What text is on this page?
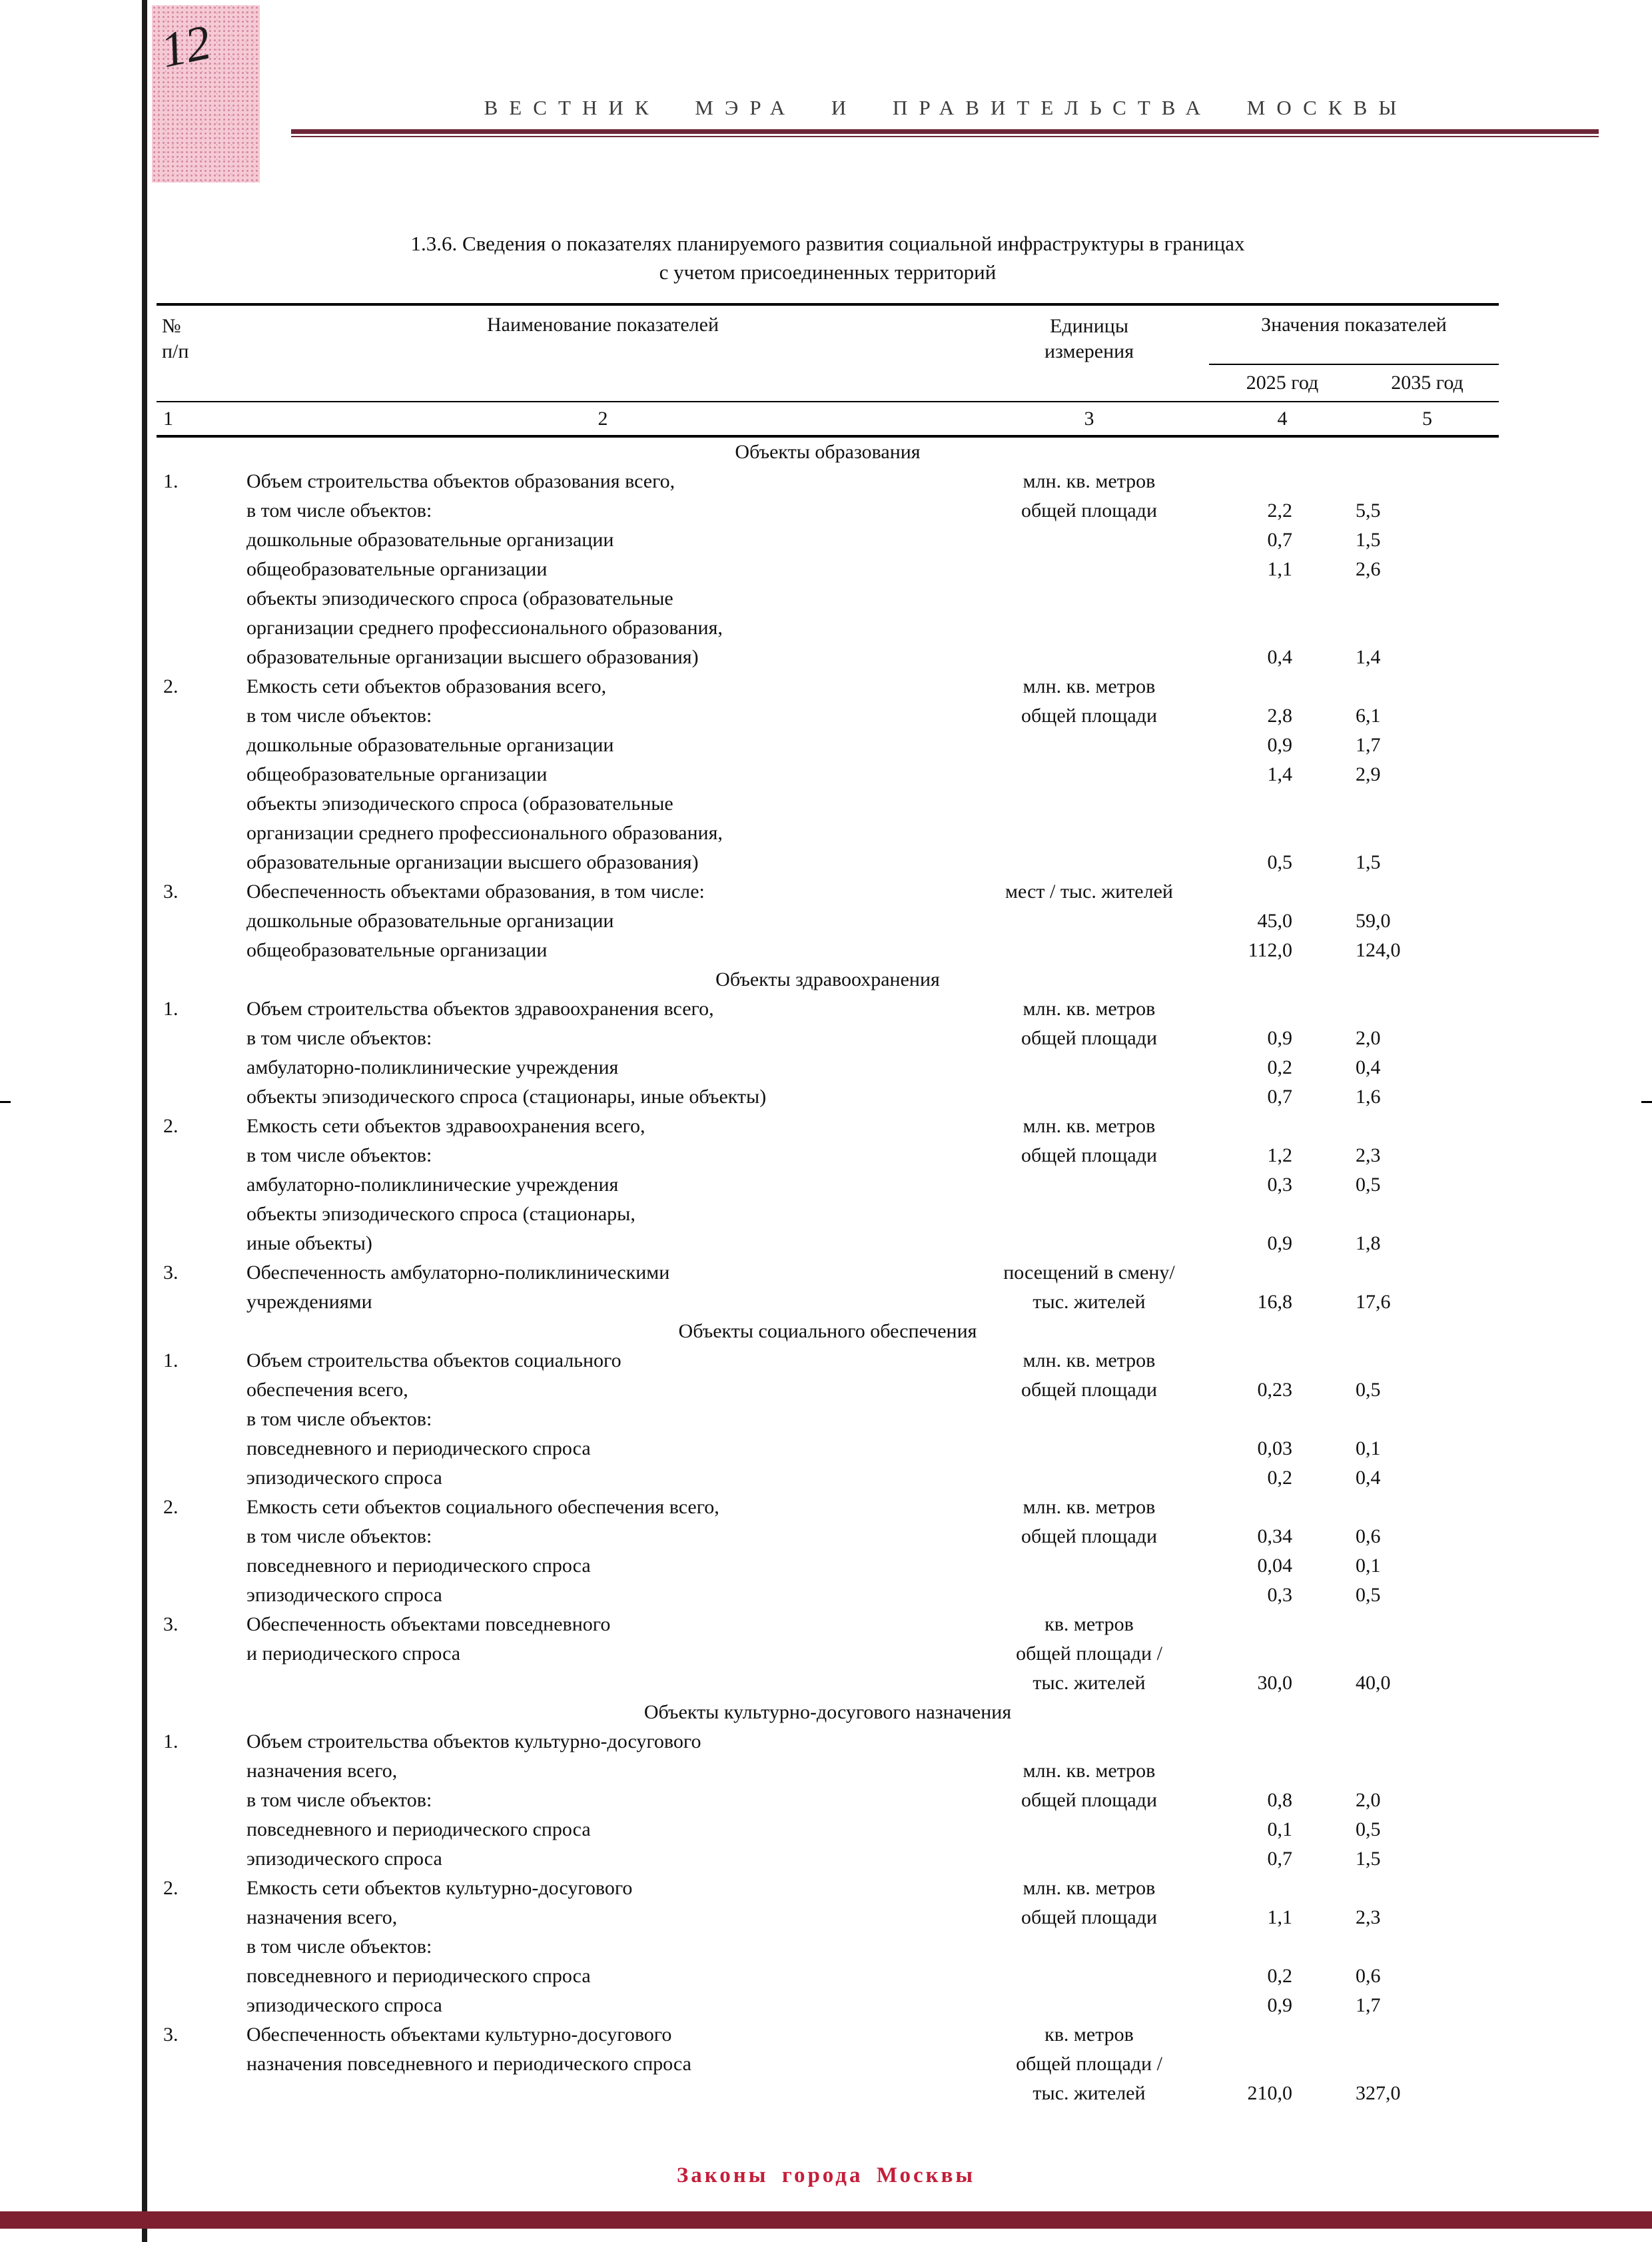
12
ВЕСТНИК МЭРА И ПРАВИТЕЛЬСТВА МОСКВЫ
1.3.6. Сведения о показателях планируемого развития социальной инфраструктуры в границах
с учетом присоединенных территорий
№
п/п
	Наименование показателей	Единицы
измерения
	Значения показателей
			2025 год	2035 год
1	2	3	4	5
Объекты образования				
1.	Объем строительства объектов образования всего,	млн. кв. метров		
	в том числе объектов:	общей площади	2,2	5,5
	дошкольные образовательные организации		0,7	1,5
	общеобразовательные организации		1,1	2,6
	объекты эпизодического спроса (образовательные			
	организации среднего профессионального образования,			
	образовательные организации высшего образования)		0,4	1,4
2.	Емкость сети объектов образования всего,	млн. кв. метров		
	в том числе объектов:	общей площади	2,8	6,1
	дошкольные образовательные организации		0,9	1,7
	общеобразовательные организации		1,4	2,9
	объекты эпизодического спроса (образовательные			
	организации среднего профессионального образования,			
	образовательные организации высшего образования)		0,5	1,5
3.	Обеспеченность объектами образования, в том числе:	мест / тыс. жителей		
	дошкольные образовательные организации		45,0	59,0
	общеобразовательные организации		112,0	124,0
Объекты здравоохранения				
1.	Объем строительства объектов здравоохранения всего,	млн. кв. метров		
	в том числе объектов:	общей площади	0,9	2,0
	амбулаторно-поликлинические учреждения		0,2	0,4
	объекты эпизодического спроса (стационары, иные объекты)		0,7	1,6
2.	Емкость сети объектов здравоохранения всего,	млн. кв. метров		
	в том числе объектов:	общей площади	1,2	2,3
	амбулаторно-поликлинические учреждения		0,3	0,5
	объекты эпизодического спроса (стационары,			
	иные объекты)		0,9	1,8
3.	Обеспеченность амбулаторно-поликлиническими	посещений в смену/		
	учреждениями	тыс. жителей	16,8	17,6
Объекты социального обеспечения				
1.	Объем строительства объектов социального	млн. кв. метров		
	обеспечения всего,	общей площади	0,23	0,5
	в том числе объектов:			
	повседневного и периодического спроса		0,03	0,1
	эпизодического спроса		0,2	0,4
2.	Емкость сети объектов социального обеспечения всего,	млн. кв. метров		
	в том числе объектов:	общей площади	0,34	0,6
	повседневного и периодического спроса		0,04	0,1
	эпизодического спроса		0,3	0,5
3.	Обеспеченность объектами повседневного	кв. метров		
	и периодического спроса	общей площади /		
		тыс. жителей	30,0	40,0
Объекты культурно-досугового назначения				
1.	Объем строительства объектов культурно-досугового			
	назначения всего,	млн. кв. метров		
	в том числе объектов:	общей площади	0,8	2,0
	повседневного и периодического спроса		0,1	0,5
	эпизодического спроса		0,7	1,5
2.	Емкость сети объектов культурно-досугового	млн. кв. метров		
	назначения всего,	общей площади	1,1	2,3
	в том числе объектов:			
	повседневного и периодического спроса		0,2	0,6
	эпизодического спроса		0,9	1,7
3.	Обеспеченность объектами культурно-досугового	кв. метров		
	назначения повседневного и периодического спроса	общей площади /		
		тыс. жителей	210,0	327,0
Законы города Москвы
